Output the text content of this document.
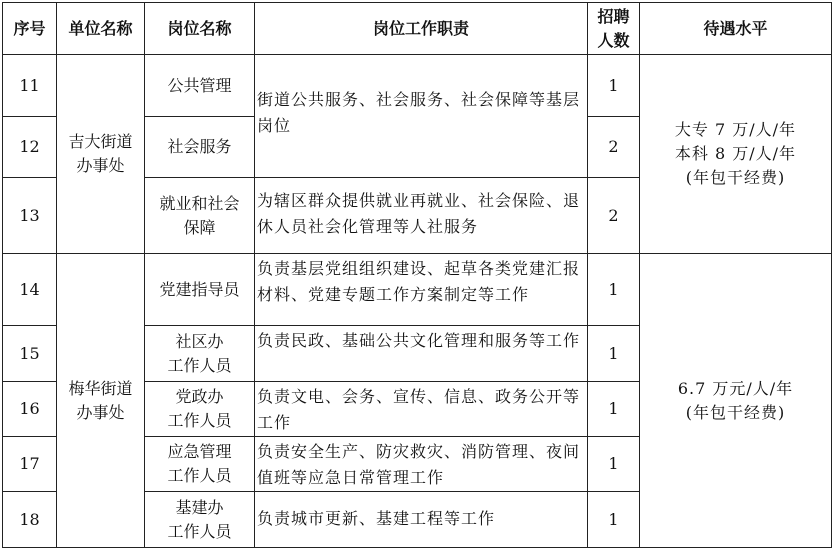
序号	单位名称	岗位名称	岗位工作职责	招聘 人数	待遇水平
11	吉大街道 办事处	公共管理	街道公共服务、社会服务、社会保障等基层岗位	1	大专 7 万/人/年
本科 8 万/人/年
(年包干经费)

12		社会服务		2	
13		就业和社会 保障	为辖区群众提供就业再就业、社会保险、退休人员社会化管理等人社服务	2	
14	梅华街道 办事处	党建指导员	负责基层党组组织建设、起草各类党建汇报材料、党建专题工作方案制定等工作	1	6.7 万元/人/年
(年包干经费)

15		社区办 工作人员	负责民政、基础公共文化管理和服务等工作	1	
16		党政办 工作人员	负责文电、会务、宣传、信息、政务公开等工作	1	
17		应急管理 工作人员	负责安全生产、防灾救灾、消防管理、夜间值班等应急日常管理工作	1	
18		基建办 工作人员	负责城市更新、基建工程等工作	1	
